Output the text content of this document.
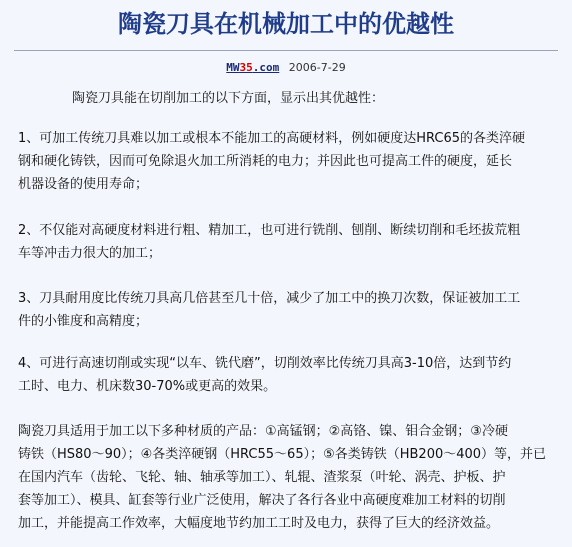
陶瓷刀具在机械加工中的优越性
MW35.com 2006-7-29

陶瓷刀具能在切削加工的以下方面，显示出其优越性：

1、可加工传统刀具难以加工或根本不能加工的高硬材料，例如硬度达HRC65的各类淬硬
钢和硬化铸铁，因而可免除退火加工所消耗的电力；并因此也可提高工件的硬度，延长
机器设备的使用寿命；

2、不仅能对高硬度材料进行粗、精加工，也可进行铣削、刨削、断续切削和毛坯拔荒粗
车等冲击力很大的加工；

3、刀具耐用度比传统刀具高几倍甚至几十倍，减少了加工中的换刀次数，保证被加工工
件的小锥度和高精度；

4、可进行高速切削或实现“以车、铣代磨”，切削效率比传统刀具高3-10倍，达到节约
工时、电力、机床数30-70%或更高的效果。

陶瓷刀具适用于加工以下多种材质的产品：①高锰钢；②高铬、镍、钼合金钢；③冷硬
铸铁（HS80～90）；④各类淬硬钢（HRC55～65）；⑤各类铸铁（HB200～400）等，并已
在国内汽车（齿轮、飞轮、轴、轴承等加工）、轧辊、渣浆泵（叶轮、涡壳、护板、护
套等加工）、模具、缸套等行业广泛使用，解决了各行各业中高硬度难加工材料的切削
加工，并能提高工作效率，大幅度地节约加工工时及电力，获得了巨大的经济效益。
